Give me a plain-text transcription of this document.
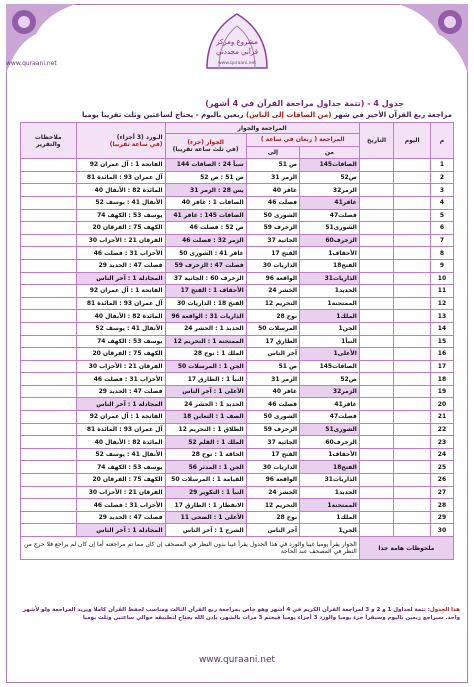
مشروع ومركز
قرآني مجددني
www.quraani.net
www.quraani.net
جدول 4 - (تتمة جداول مراجعة القرآن في 4 أشهر)
مراجعة ربع القرآن الأخير في شهر (من الصافات إلى الناس) ربعين باليوم - يحتاج لساعتين وثلث تقريبا يوميا
م	اليوم	التاريخ	المراجعة والجوار			الـورد (3 أجزاء)
(في ساعة تقريبا)	ملاحظات والتقرير
			المراجعة ( ربعان في ساعة )		الجوار (جزء)
(في ثلث ساعة تقريبا)		
			من	إلى			
1			الصافات145	ص 51	سبأ 24 : الصافات 144	الفاتحة 1 : آل عمران 92	
2			ص52	الزمر 31	ص 51 : ص 52	آل عمران 93 : المائدة 81	
3			الزمر32	غافر 40	يس 28 : الزمر 31	المائدة 82 : الأنفال 40	
4			غافر41	فصلت 46	الصافات 1 : غافر 40	الأنفال 41 : يوسف 52	
5			فصلت47	الشورى 50	الصافات 145 : غافر 41	يوسف 53 : الكهف 74	
6			الشورى51	الزخرف 59	ص 52 : فصلت 46	الكهف 75 : الفرقان 20	
7			الزخرف60	الجاثية 37	الزمر 32 : فصلت 46	الفرقان 21 : الأحزاب 30	
8			الأحقاف1	الفتح 17	غافر 41 : الشورى 50	الأحزاب 31 : فصلت 46	
9			الفتح18	الذاريات 30	فصلت 47 : الزخرف 59	فصلت 47 : الحديد 29	
10			الذاريات31	الواقعة 96	الزخرف 60 : الجاثية 37	المجادلة 1 : آخر الناس	
11			الحديد1	الحشر 24	الأحقاف 1 : الفتح 17	الفاتحة 1 : آل عمران 92	
12			الممتحنة1	التحريم 12	الفتح 18 : الذاريات 30	آل عمران 93 : المائدة 81	
13			الملك1	نوح 28	الذاريات 31 : الواقعة 96	المائدة 82 : الأنفال 40	
14			الجن1	المرسلات 50	الحديد 1 : الحشر 24	الأنفال 41 : يوسف 52	
15			النبأ1	الطارق 17	الممتحنة 1 : التحريم 12	يوسف 53 : الكهف 74	
16			الأعلى1	آخر الناس	الملك 1 : نوح 28	الكهف 75 : الفرقان 20	
17			الصافات145	ص 51	الجن 1 : المرسلات 50	الفرقان 21 : الأحزاب 30	
18			ص52	الزمر 31	النبأ 1 : الطارق 17	الأحزاب 31 : فصلت 46	
19			الزمر32	غافر 40	الأعلى 1 : آخر الناس	فصلت 47 : الحديد 29	
20			غافر41	فصلت 46	الحديد 1 : الحشر 24	المجادلة 1 : آخر الناس	
21			فصلت47	الشورى 50	الصف 1 : التغابن 18	الفاتحة 1 : آل عمران 92	
22			الشورى51	الزخرف 59	الطلاق 1 : التحريم 12	آل عمران 93 : المائدة 81	
23			الزخرف60	الجاثية 37	الملك 1 : القلم 52	المائدة 82 : الأنفال 40	
24			الأحقاف1	الفتح 17	الحاقة 1 : نوح 28	الأنفال 41 : يوسف 52	
25			الفتح18	الذاريات 30	الجن 1 : المدثر 56	يوسف 53 : الكهف 74	
26			الذاريات31	الواقعة 96	القيامة 1 : المرسلات 50	الكهف 75 : الفرقان 20	
27			الحديد1	الحشر 24	النبأ 1 : التكوير 29	الفرقان 21 : الأحزاب 30	
28			الممتحنة1	التحريم 12	الانفطار 1 : الطارق 17	الأحزاب 31 : فصلت 46	
29			الملك1	نوح 28	الأعلى 1 : الضحى 11	فصلت 47 : الحديد 29	
30			الجن1	آخر الناس	الشرح 1 : آخر الناس	المجادلة 1 : آخر الناس	
ملحوظات هامة جدا			الجوار يقرأ يوميا غيبا والورد في هذا الجدول يقرأ غيبا بدون النظر في المصحف إن كان مما تم مراجعته أما إن كان لم يراجع فلا حرج من النظر في المصحف عند الحاجة				
هذا الجدول: تتمة لجداول 1 و 2 و 3 لمراجعة القرآن الكريم في 4 أشهر وهو خاص بمراجعة ربع القرآن الثالث ومناسب لحفظ القرآن كاملا ويريد المراجعة ولو لأشهر واحد. سيراجع ربعين باليوم وسيقرأ جزء يوميا والورد 3 أجزاء يوميا فيختم 3 مرات بالشهر، بإذن الله يحتاج لتطبيقه حوالي ساعتين وثلث يوميا
www.quraani.net
